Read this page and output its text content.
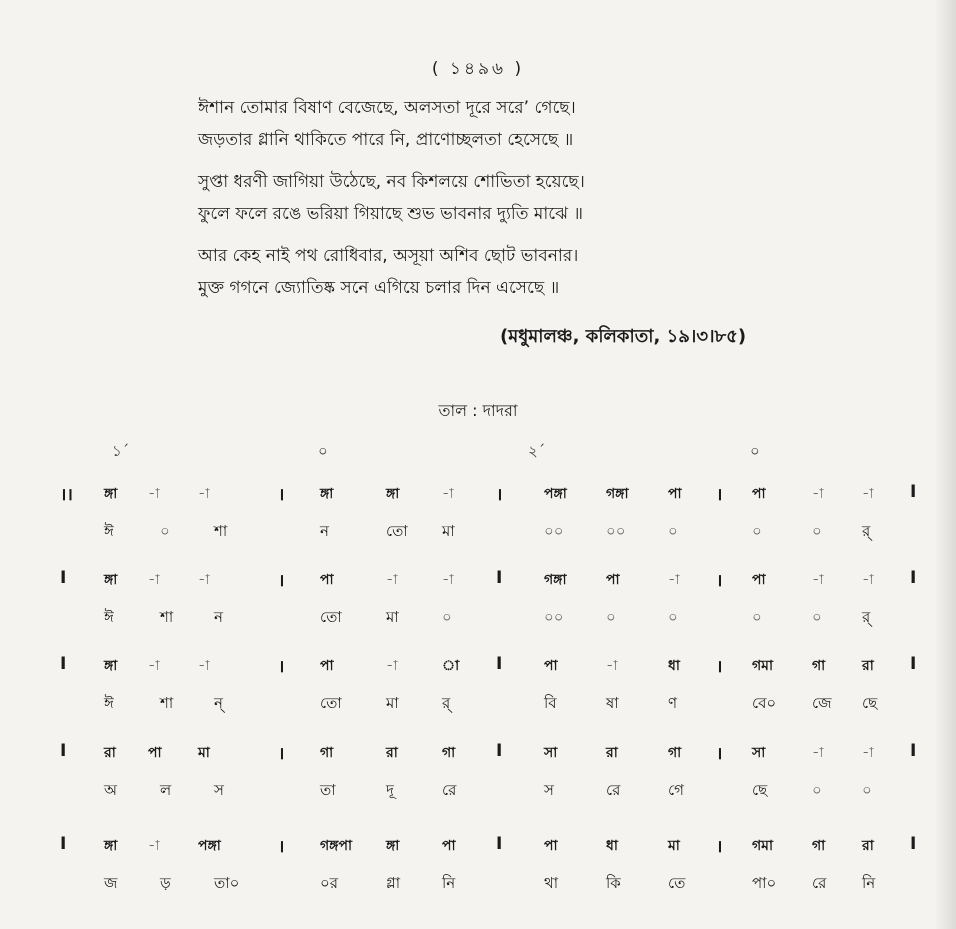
( ১৪৯৬ )
ঈশান তোমার বিষাণ বেজেছে, অলসতা দূরে সরে’ গেছে।
জড়তার গ্লানি থাকিতে পারে নি, প্রাণোচ্ছলতা হেসেছে ॥
সুপ্তা ধরণী জাগিয়া উঠেছে, নব কিশলয়ে শোভিতা হয়েছে।
ফুলে ফলে রঙে ভরিয়া গিয়াছে শুভ ভাবনার দ্যুতি মাঝে ॥
আর কেহ নাই পথ রোধিবার, অসূয়া অশিব ছোট ভাবনার।
মুক্ত গগনে জ্যোতিষ্ক সনে এগিয়ে চলার দিন এসেছে ॥
(মধুমালঞ্চ, কলিকাতা, ১৯।৩।৮৫)
তাল : দাদরা
১´	০	২´	০
।। ঙ্গা -া	-া	।	ঙ্গা	ঙ্গা	-া ।	পঙ্গা	গঙ্গা	পা । পা	-া	-া I
ঈ	০	শা	ন	তো মা	০০	০০	০	০	০	র্
I	ঙ্গা -া	-া	।	পা	-া	-া I	গঙ্গা	পা	-া । পা	-া	-া I
ঈ	শা	ন	তো	মা	০	০০	০	০	০	০	র্
I	ঙ্গা -া	-া	।	পা	-া	া I	পা	-া	ধা । গমা	গা	রা I
ঈ	শা	ন্	তো	মা	র্	বি	ষা	ণ	বে০ জে ছে
I	রা পা	মা	।	গা	রা	গা I	সা	রা	গা । সা	-া	-া I
অ	ল	স	তা	দূ	রে	স	রে	গে	ছে	০	০
I	ঙ্গা -া	পঙ্গা	।	গঙ্গপা ঙ্গা	পা I	পা	ধা	মা । গমা	গা	রা I
জ	ড়	তা০	০র	গ্লা	নি	থা	কি	তে	পা০ রে নি
